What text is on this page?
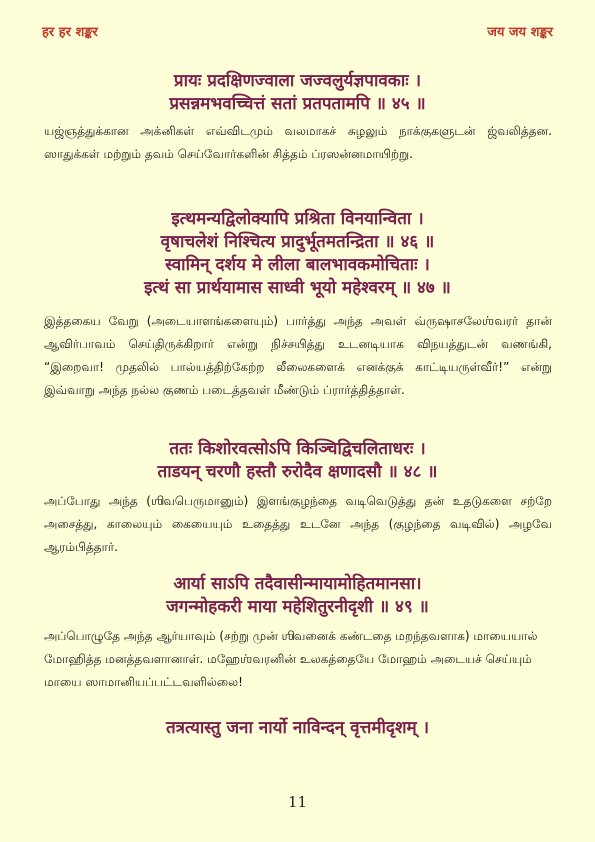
हर हर शङ्कर	जय जय शङ्कर
प्रायः प्रदक्षिणज्वाला जज्वलुर्यज्ञपावकाः ।
प्रसन्नमभवच्चित्तं सतां प्रतपतामपि ॥ ४५ ॥
யஜ்ஞத்துக்கான அக்னிகள் எவ்விடமும் வலமாகச் சுழலும் நாக்குகளுடன் ஜ்வலித்தன. ஸாதுக்கள் மற்றும் தவம் செய்வோர்களின் சித்தம் ப்ரஸன்னமாயிற்று.
इत्थमन्यद्विलोक्यापि प्रश्रिता विनयान्विता ।
वृषाचलेशं निश्चित्य प्रादुर्भूतमतन्द्रिता ॥ ४६ ॥
स्वामिन् दर्शय मे लीला बालभावकमोचिताः ।
इत्थं सा प्रार्थयामास साध्वी भूयो महेश्वरम् ॥ ४७ ॥
இத்தகைய வேறு (அடையாளங்களையும்) பார்த்து அந்த அவள் வ்ருஷாசலேஶ்வரர் தான் ஆவிர்பாவம் செய்திருக்கிறார் என்று நிச்சயித்து உடனடியாக விநயத்துடன் வணங்கி, “இறைவா! முதலில் பால்யத்திற்கேற்ற லீலைகளைக் எனக்குக் காட்டியருள்வீர்!” என்று இவ்வாறு அந்த நல்ல குணம் படைத்தவள் மீண்டும் ப்ரார்த்தித்தாள்.
ततः किशोरवत्सोऽपि किञ्चिद्विचलिताधरः ।
ताडयन् चरणौ हस्तौ रुरोदैव क्षणादसौ ॥ ४८ ॥
அப்போது அந்த (ஶிவபெருமானும்) இளங்குழந்தை வடிவெடுத்து தன் உதடுகளை சற்றே அசைத்து, காலையும் கையையும் உதைத்து உடனே அந்த (குழந்தை வடிவில்) அழவே ஆரம்பித்தார்.
आर्या साऽपि तदैवासीन्मायामोहितमानसा।
जगन्मोहकरी माया महेशितुरनीदृशी ॥ ४९ ॥
அப்பொழுதே அந்த ஆர்யாவும் (சற்று முன் ஶிவனைக் கண்டதை மறந்தவளாக) மாயையால் மோஹித்த மனத்தவளானாள். மஹேஶ்வரனின் உலகத்தையே மோஹம் அடையச் செய்யும் மாயை ஸாமானியப்பட்டவளில்லை!
तत्रत्यास्तु जना नार्यो नाविन्दन् वृत्तमीदृशम् ।
11
